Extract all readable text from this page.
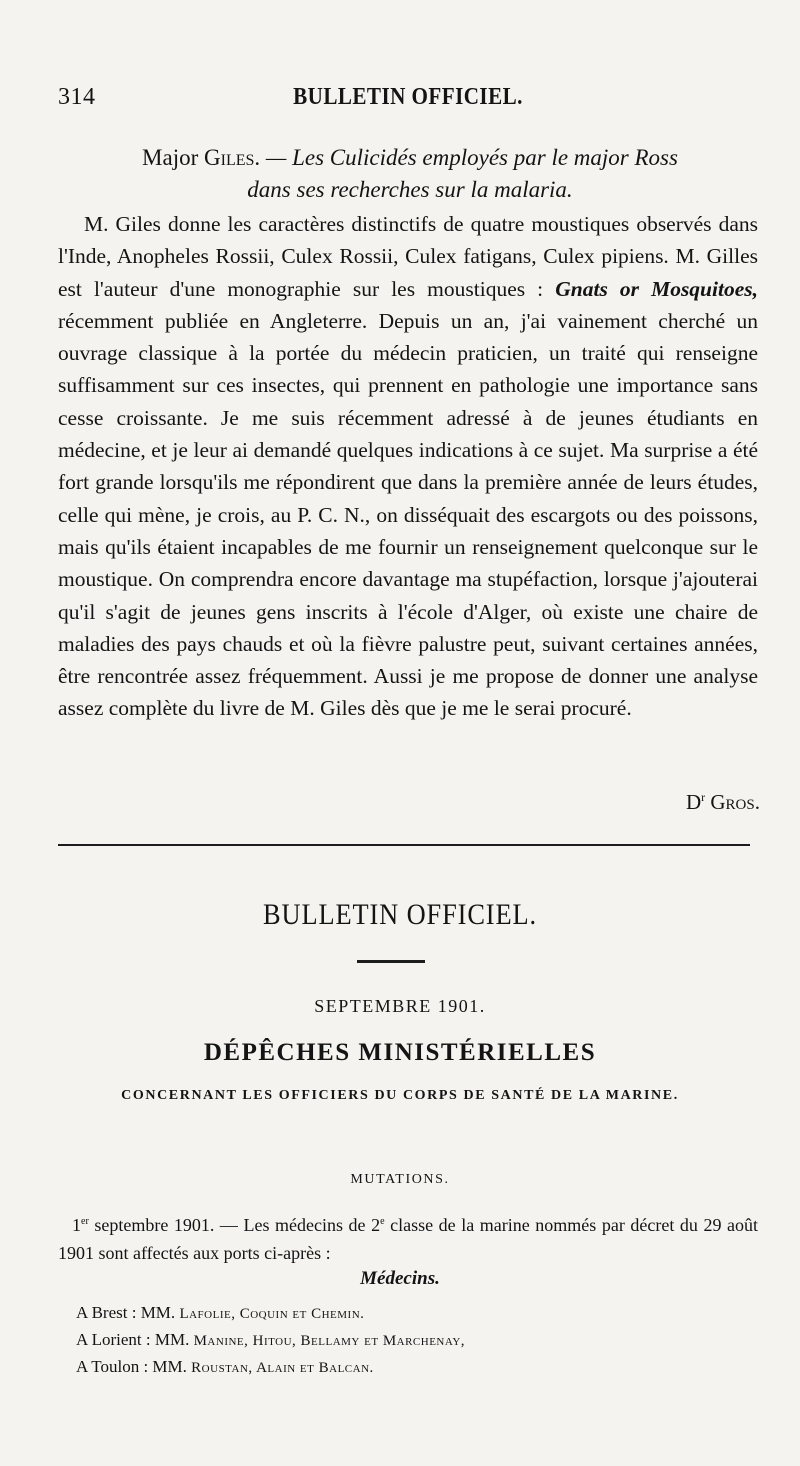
314	BULLETIN OFFICIEL.
Major Giles. — Les Culicidés employés par le major Ross
dans ses recherches sur la malaria.
M. Giles donne les caractères distinctifs de quatre moustiques observés dans l'Inde, Anopheles Rossii, Culex Rossii, Culex fatigans, Culex pipiens. M. Gilles est l'auteur d'une monographie sur les moustiques : Gnats or Mosquitoes, récemment publiée en Angleterre. Depuis un an, j'ai vainement cherché un ouvrage classique à la portée du médecin praticien, un traité qui renseigne suffisamment sur ces insectes, qui prennent en pathologie une importance sans cesse croissante. Je me suis récemment adressé à de jeunes étudiants en médecine, et je leur ai demandé quelques indications à ce sujet. Ma surprise a été fort grande lorsqu'ils me répondirent que dans la première année de leurs études, celle qui mène, je crois, au P. C. N., on disséquait des escargots ou des poissons, mais qu'ils étaient incapables de me fournir un renseignement quelconque sur le moustique. On comprendra encore davantage ma stupéfaction, lorsque j'ajouterai qu'il s'agit de jeunes gens inscrits à l'école d'Alger, où existe une chaire de maladies des pays chauds et où la fièvre palustre peut, suivant certaines années, être rencontrée assez fréquemment. Aussi je me propose de donner une analyse assez complète du livre de M. Giles dès que je me le serai procuré.
$D^r$ Gros.
BULLETIN OFFICIEL.
SEPTEMBRE 1901.
DÉPÊCHES MINISTÉRIELLES
CONCERNANT LES OFFICIERS DU CORPS DE SANTÉ DE LA MARINE.
MUTATIONS.
1er septembre 1901. — Les médecins de 2e classe de la marine nommés par décret du 29 août 1901 sont affectés aux ports ci-après :
Médecins.
A Brest : MM. Lafolie, Coquin et Chemin.
A Lorient : MM. Manine, Hitou, Bellamy et Marchenay,
A Toulon : MM. Roustan, Alain et Balcan.
